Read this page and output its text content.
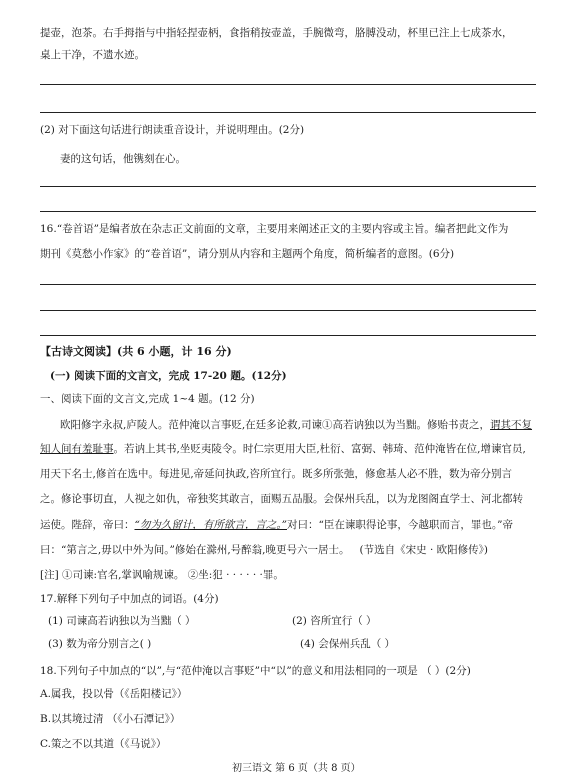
提壶，泡茶。右手拇指与中指轻捏壶柄，食指稍按壶盖，手腕微弯，胳膊没动，杯里已注上七成茶水，
桌上干净，不遗水迹。
(2) 对下面这句话进行朗读重音设计，并说明理由。(2分)
妻的这句话，他镌刻在心。
16.“卷首语”是编者放在杂志正文前面的文章，主要用来阐述正文的主要内容或主旨。编者把此文作为
期刊《莫愁小作家》的“卷首语”，请分别从内容和主题两个角度，简析编者的意图。(6分)
【古诗文阅读】(共 6 小题，计 16 分)
(一) 阅读下面的文言文，完成 17-20 题。(12分)
一、阅读下面的文言文,完成 1~4 题。(12 分)
欧阳修字永叔,庐陵人。范仲淹以言事贬,在廷多论救,司谏①高若讷独以为当黜。修贻书责之，谓其不复
知人间有羞耻事。若讷上其书,坐贬夷陵令。时仁宗更用大臣,杜衍、富弼、韩琦、范仲淹皆在位,增谏官员,
用天下名士,修首在选中。每进见,帝延问执政,咨所宜行。既多所张弛，修愈基人必不胜，数为帝分别言
之。修论事切直，人视之如仇，帝独奖其敢言，面赐五品服。会保州兵乱，以为龙图阁直学士、河北都转
运使。陛辞，帝曰：“勿为久留计，有所欲言，言之。”对曰：“臣在谏职得论事，今越职而言，罪也。”帝
曰：“第言之,毋以中外为间。”修始在滁州,号醉翁,晚更号六一居士。 (节选自《宋史 · 欧阳修传》)
[注] ①司谏:官名,掌讽喻规谏。 ②坐:犯 · · · · · ·罪。
17.解释下列句子中加点的词语。(4分)
(1) 司谏高若讷独以为当黜（ ）	(2) 咨所宜行（ ）
(3) 数为帝分别言之( )	(4) 会保州兵乱（ ）
18.下列句子中加点的“以”,与“范仲淹以言事贬”中“以”的意义和用法相同的一项是 （ ）(2分)
A.属我，投以骨（《岳阳楼记》）
B.以其境过清 （《小石潭记》）
C.策之不以其道（《马说》）
初三语文 第 6 页（共 8 页）
